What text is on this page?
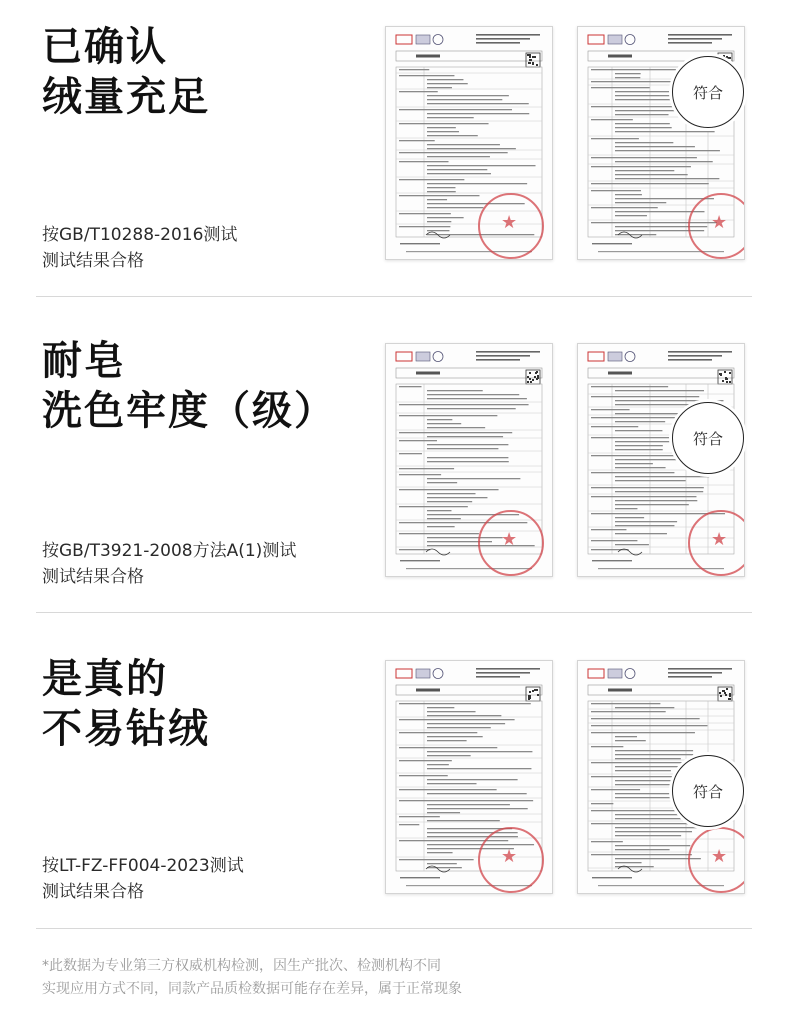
已确认
绒量充足
按GB/T10288-2016测试
测试结果合格
★
★
符合
耐皂
洗色牢度（级）
按GB/T3921-2008方法A(1)测试
测试结果合格
★
★
符合
是真的
不易钻绒
按LT-FZ-FF004-2023测试
测试结果合格
★
★
符合
*此数据为专业第三方权威机构检测，因生产批次、检测机构不同
实现应用方式不同，同款产品质检数据可能存在差异，属于正常现象
